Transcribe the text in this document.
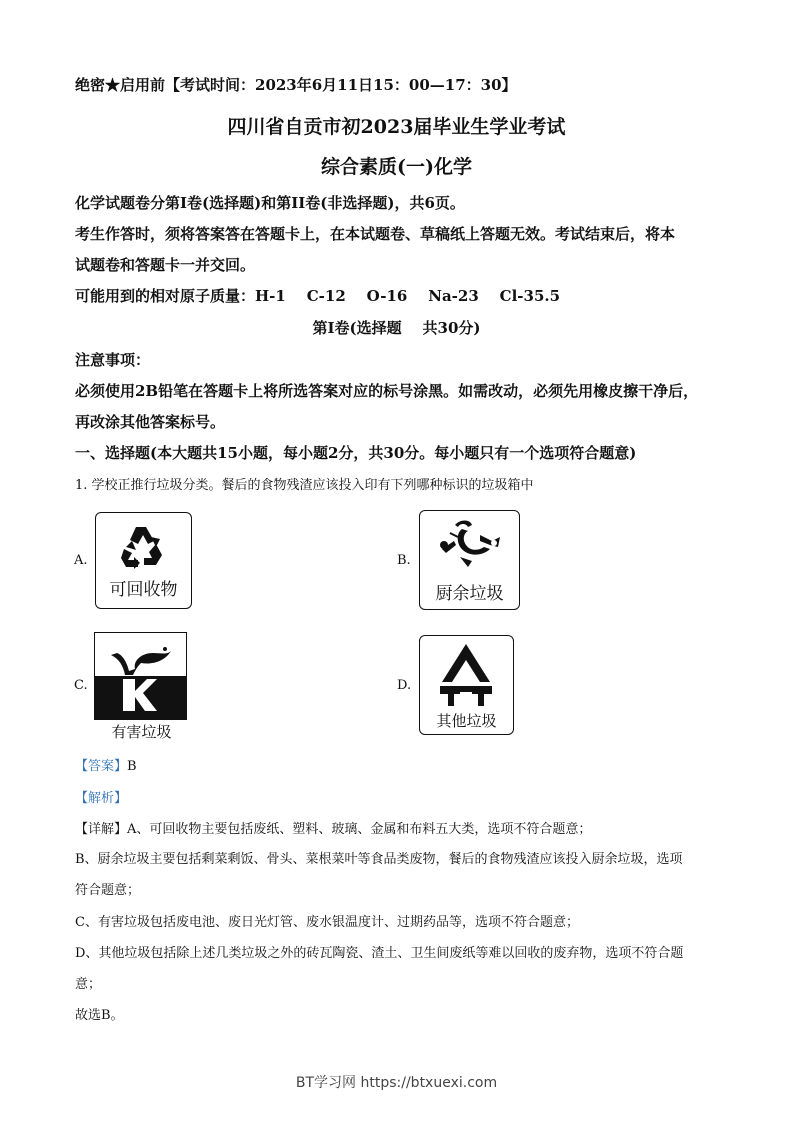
绝密★启用前【考试时间：2023年6月11日15：00—17：30】
四川省自贡市初2023届毕业生学业考试
综合素质(一)化学
化学试题卷分第I卷(选择题)和第II卷(非选择题)，共6页。
考生作答时，须将答案答在答题卡上，在本试题卷、草稿纸上答题无效。考试结束后，将本
试题卷和答题卡一并交回。
可能用到的相对原子质量：H-1    C-12    O-16    Na-23    Cl-35.5
第I卷(选择题    共30分)
注意事项：
必须使用2B铅笔在答题卡上将所选答案对应的标号涂黑。如需改动，必须先用橡皮擦干净后，
再改涂其他答案标号。
一、选择题(本大题共15小题，每小题2分，共30分。每小题只有一个选项符合题意)
1. 学校正推行垃圾分类。餐后的食物残渣应该投入印有下列哪种标识的垃圾箱中
A.
可回收物
B.
厨余垃圾
C.
有害垃圾
D.
其他垃圾
【答案】B
【解析】
【详解】A、可回收物主要包括废纸、塑料、玻璃、金属和布料五大类，选项不符合题意；
B、厨余垃圾主要包括剩菜剩饭、骨头、菜根菜叶等食品类废物，餐后的食物残渣应该投入厨余垃圾，选项
符合题意；
C、有害垃圾包括废电池、废日光灯管、废水银温度计、过期药品等，选项不符合题意；
D、其他垃圾包括除上述几类垃圾之外的砖瓦陶瓷、渣土、卫生间废纸等难以回收的废弃物，选项不符合题
意；
故选B。
BT学习网 https://btxuexi.com
